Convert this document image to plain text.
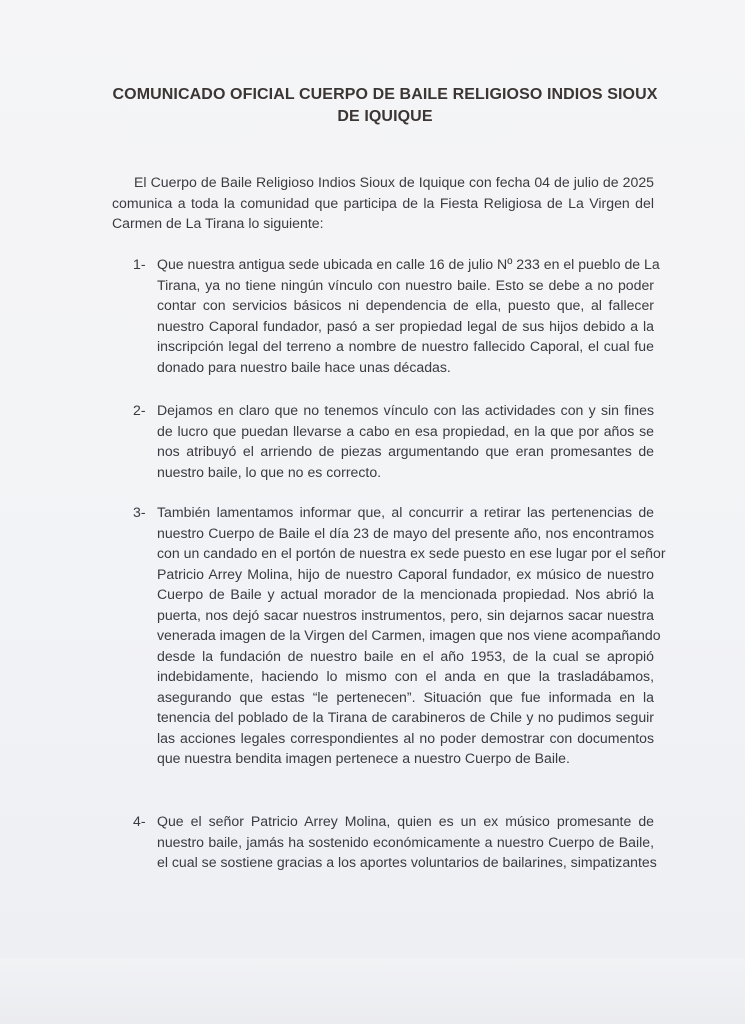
COMUNICADO OFICIAL CUERPO DE BAILE RELIGIOSO INDIOS SIOUX
DE IQUIQUE
El Cuerpo de Baile Religioso Indios Sioux de Iquique con fecha 04 de julio de 2025
comunica a toda la comunidad que participa de la Fiesta Religiosa de La Virgen del
Carmen de La Tirana lo siguiente:
1- Que nuestra antigua sede ubicada en calle 16 de julio Nº 233 en el pueblo de La
Tirana, ya no tiene ningún vínculo con nuestro baile. Esto se debe a no poder
contar con servicios básicos ni dependencia de ella, puesto que, al fallecer
nuestro Caporal fundador, pasó a ser propiedad legal de sus hijos debido a la
inscripción legal del terreno a nombre de nuestro fallecido Caporal, el cual fue
donado para nuestro baile hace unas décadas.
2- Dejamos en claro que no tenemos vínculo con las actividades con y sin fines
de lucro que puedan llevarse a cabo en esa propiedad, en la que por años se
nos atribuyó el arriendo de piezas argumentando que eran promesantes de
nuestro baile, lo que no es correcto.
3- También lamentamos informar que, al concurrir a retirar las pertenencias de
nuestro Cuerpo de Baile el día 23 de mayo del presente año, nos encontramos
con un candado en el portón de nuestra ex sede puesto en ese lugar por el señor
Patricio Arrey Molina, hijo de nuestro Caporal fundador, ex músico de nuestro
Cuerpo de Baile y actual morador de la mencionada propiedad. Nos abrió la
puerta, nos dejó sacar nuestros instrumentos, pero, sin dejarnos sacar nuestra
venerada imagen de la Virgen del Carmen, imagen que nos viene acompañando
desde la fundación de nuestro baile en el año 1953, de la cual se apropió
indebidamente, haciendo lo mismo con el anda en que la trasladábamos,
asegurando que estas “le pertenecen”. Situación que fue informada en la
tenencia del poblado de la Tirana de carabineros de Chile y no pudimos seguir
las acciones legales correspondientes al no poder demostrar con documentos
que nuestra bendita imagen pertenece a nuestro Cuerpo de Baile.
4- Que el señor Patricio Arrey Molina, quien es un ex músico promesante de
nuestro baile, jamás ha sostenido económicamente a nuestro Cuerpo de Baile,
el cual se sostiene gracias a los aportes voluntarios de bailarines, simpatizantes
